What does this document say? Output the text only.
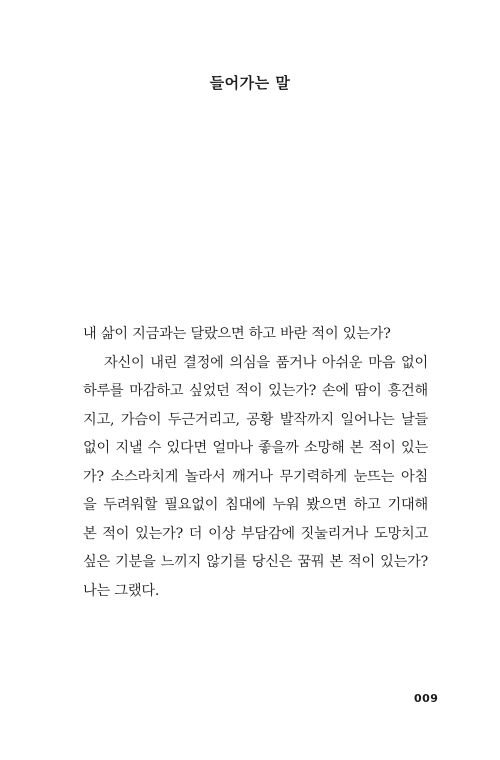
들어가는 말
내 삶이 지금과는 달랐으면 하고 바란 적이 있는가?
자신이 내린 결정에 의심을 품거나 아쉬운 마음 없이
하루를 마감하고 싶었던 적이 있는가? 손에 땀이 흥건해
지고, 가슴이 두근거리고, 공황 발작까지 일어나는 날들
없이 지낼 수 있다면 얼마나 좋을까 소망해 본 적이 있는
가? 소스라치게 놀라서 깨거나 무기력하게 눈뜨는 아침
을 두려워할 필요없이 침대에 누워 봤으면 하고 기대해
본 적이 있는가? 더 이상 부담감에 짓눌리거나 도망치고
싶은 기분을 느끼지 않기를 당신은 꿈꿔 본 적이 있는가?
나는 그랬다.

009
